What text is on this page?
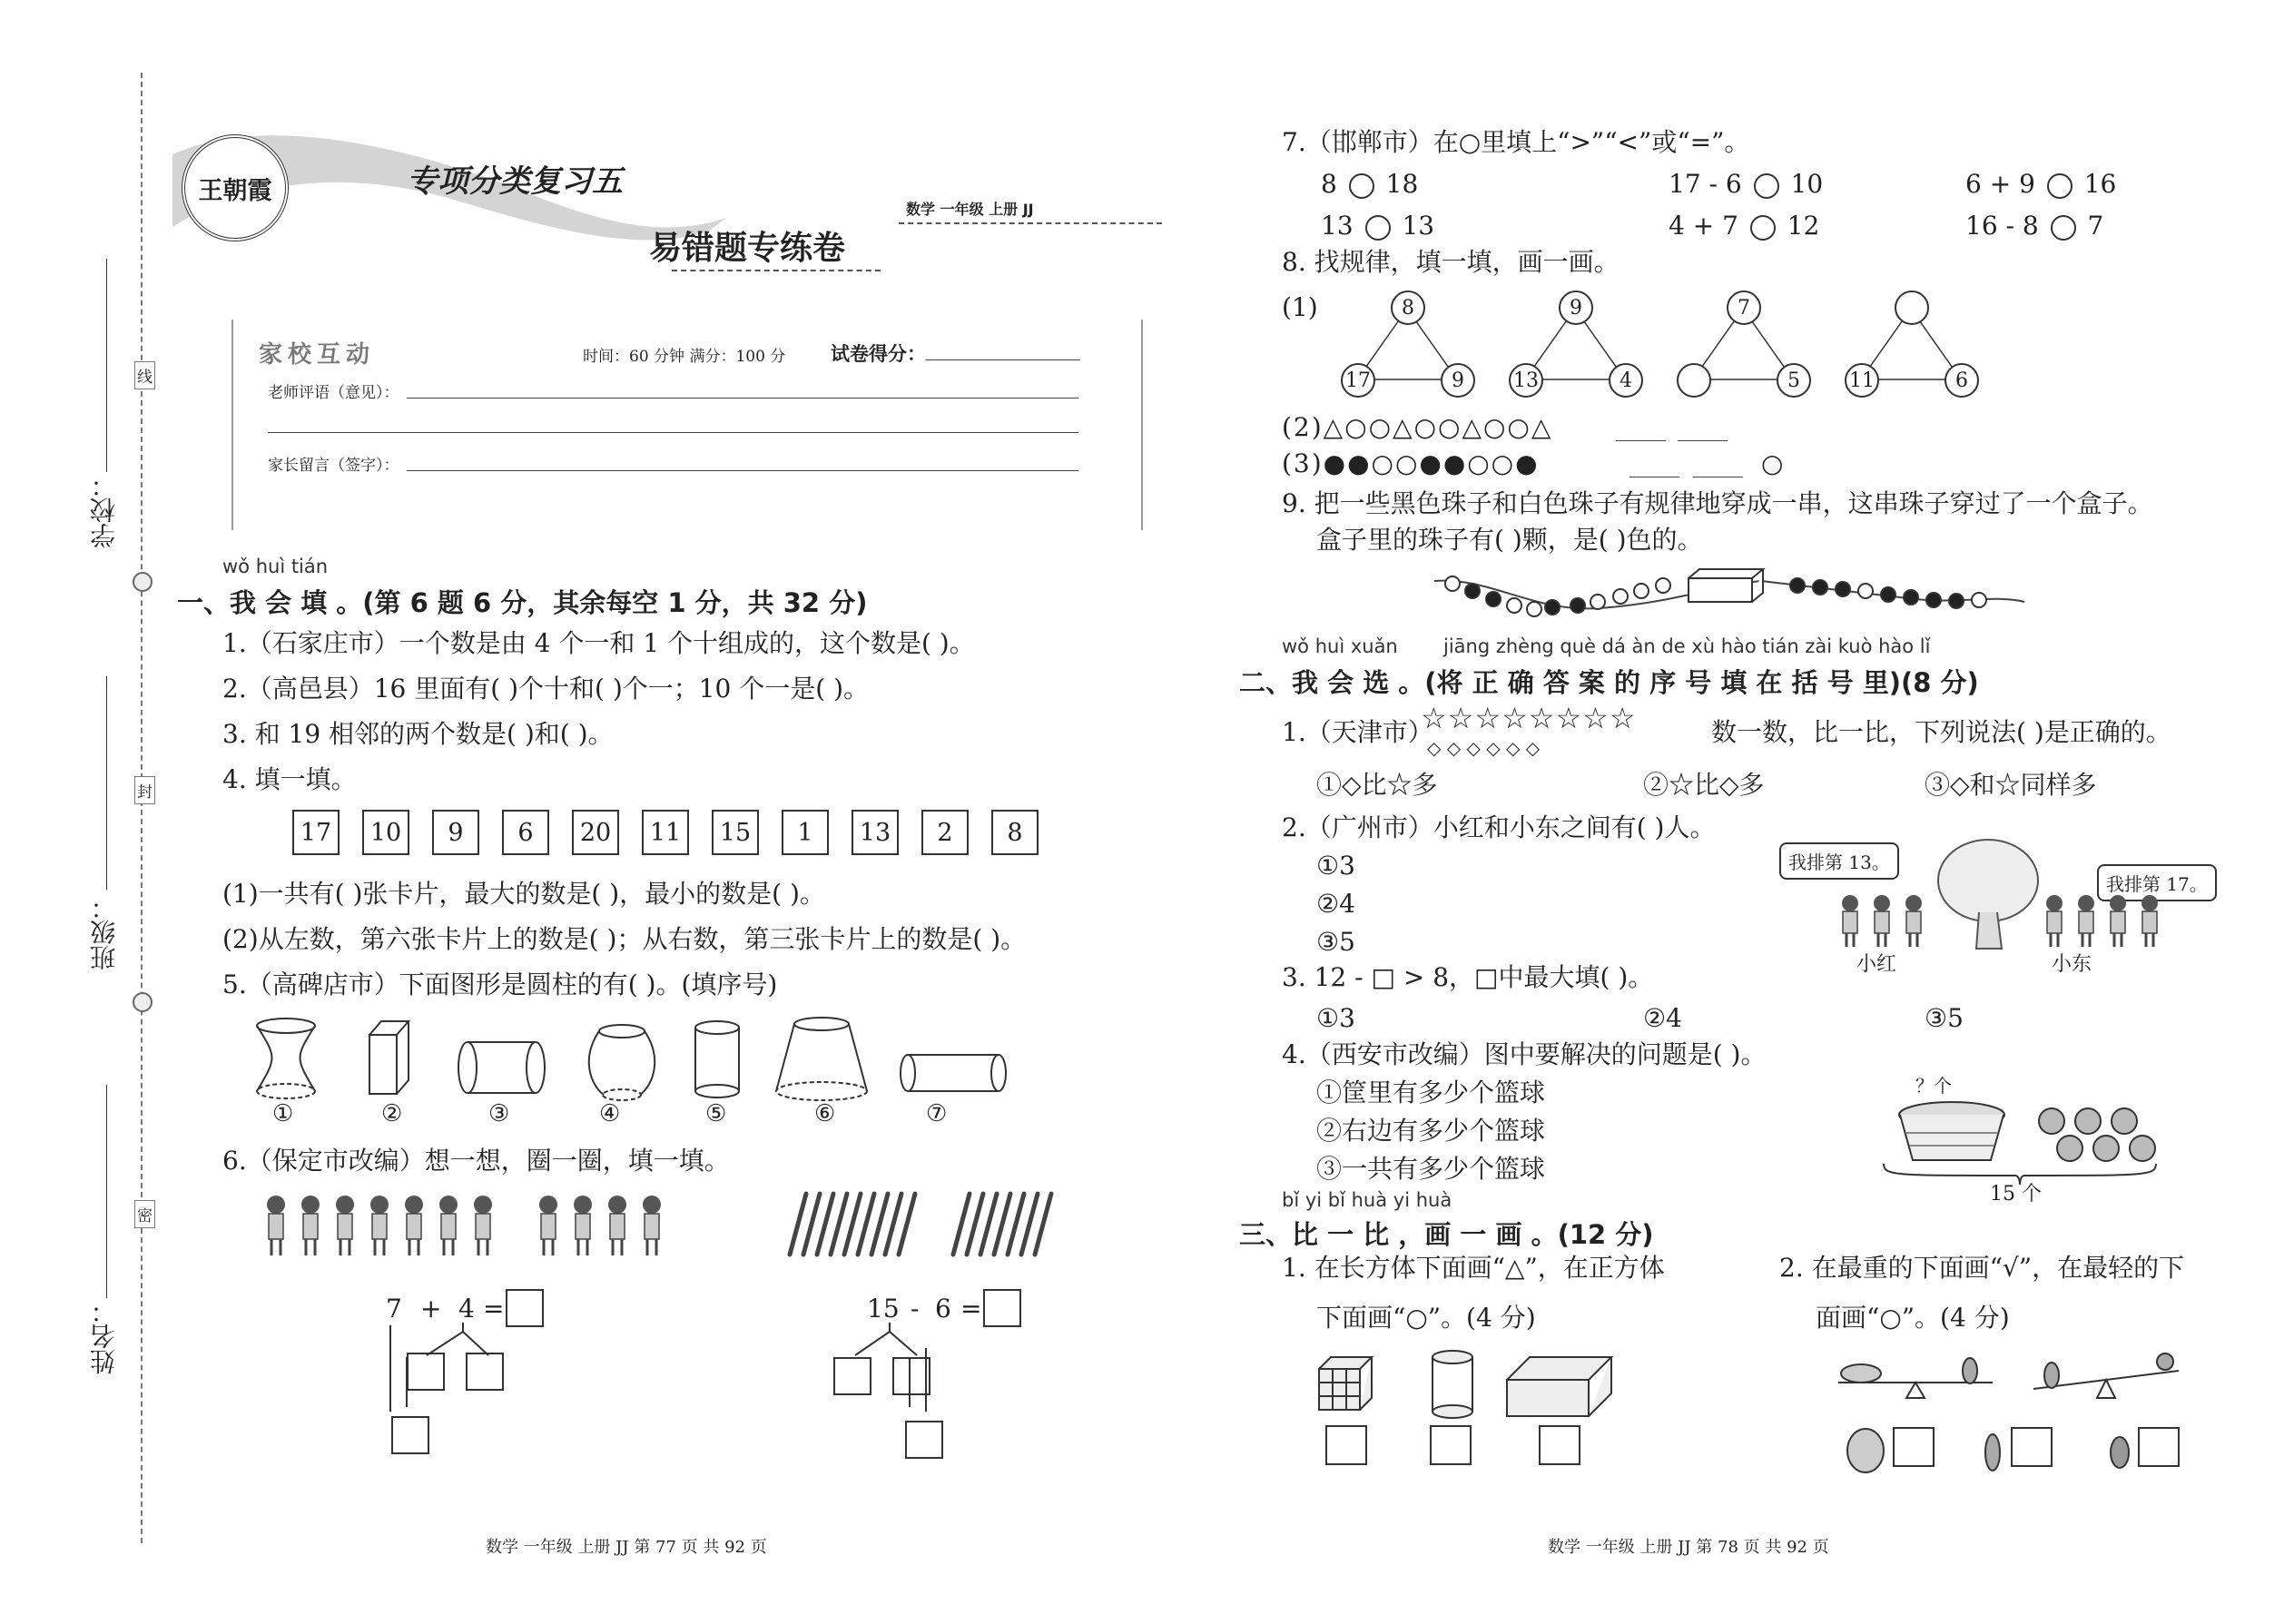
学校：
班级：
姓名：
线
封
密
王朝霞	专项分类复习五
数学 一年级 上册 JJ
易错题专练卷
家校互动	时间：60 分钟 满分：100 分 试卷得分：
老师评语（意见）：
家长留言（签字）：
wǒ huì tián
一、我 会 填 。(第 6 题 6 分，其余每空 1 分，共 32 分)
1.（石家庄市）一个数是由 4 个一和 1 个十组成的，这个数是( )。
2.（高邑县）16 里面有( )个十和( )个一；10 个一是( )。
3. 和 19 相邻的两个数是( )和( )。
4. 填一填。
17	10	9	6	20	11	15	1	13	2	8
(1)一共有( )张卡片，最大的数是( )，最小的数是( )。
(2)从左数，第六张卡片上的数是( )；从右数，第三张卡片上的数是( )。
5.（高碑店市）下面图形是圆柱的有( )。(填序号)
①	②	③	④	⑤	⑥	⑦
6.（保定市改编）想一想，圈一圈，填一填。
7 + 4 =	15 - 6 =
数学 一年级 上册 JJ 第 77 页 共 92 页
7.（邯郸市）在○里填上“>”“<”或“=”。
8 18	17 - 6 10	6 + 9 16
13 13	4 + 7 12	16 - 8 7
8. 找规律，填一填，画一画。
(1)	8
17	9
9
13	4
7
5	11	6
(2)△○○△○○△○○△
(3)●●○○●●○○●	○
9. 把一些黑色珠子和白色珠子有规律地穿成一串，这串珠子穿过了一个盒子。
盒子里的珠子有( )颗，是( )色的。
wǒ huì xuǎn jiāng zhèng què dá àn de xù hào tián zài kuò hào lǐ
二、我 会 选 。(将 正 确 答 案 的 序 号 填 在 括 号 里)(8 分)
1.（天津市）
☆☆☆☆☆☆☆☆
◇ ◇ ◇ ◇ ◇ ◇
数一数，比一比，下列说法( )是正确的。
①◇比☆多	②☆比◇多	③◇和☆同样多
2.（广州市）小红和小东之间有( )人。
①3
②4
③5
我排第 13。
我排第 17。
小红	小东
3. 12 - □ > 8，□中最大填( )。
①3	②4	③5
4.（西安市改编）图中要解决的问题是( )。
①筐里有多少个篮球
②右边有多少个篮球
③一共有多少个篮球
？个
15 个
bǐ yi bǐ huà yi huà
三、比 一 比 ，画 一 画 。(12 分)
1. 在长方体下面画“△”，在正方体
下面画“○”。(4 分)
2. 在最重的下面画“√”，在最轻的下
面画“○”。(4 分)
数学 一年级 上册 JJ 第 78 页 共 92 页
